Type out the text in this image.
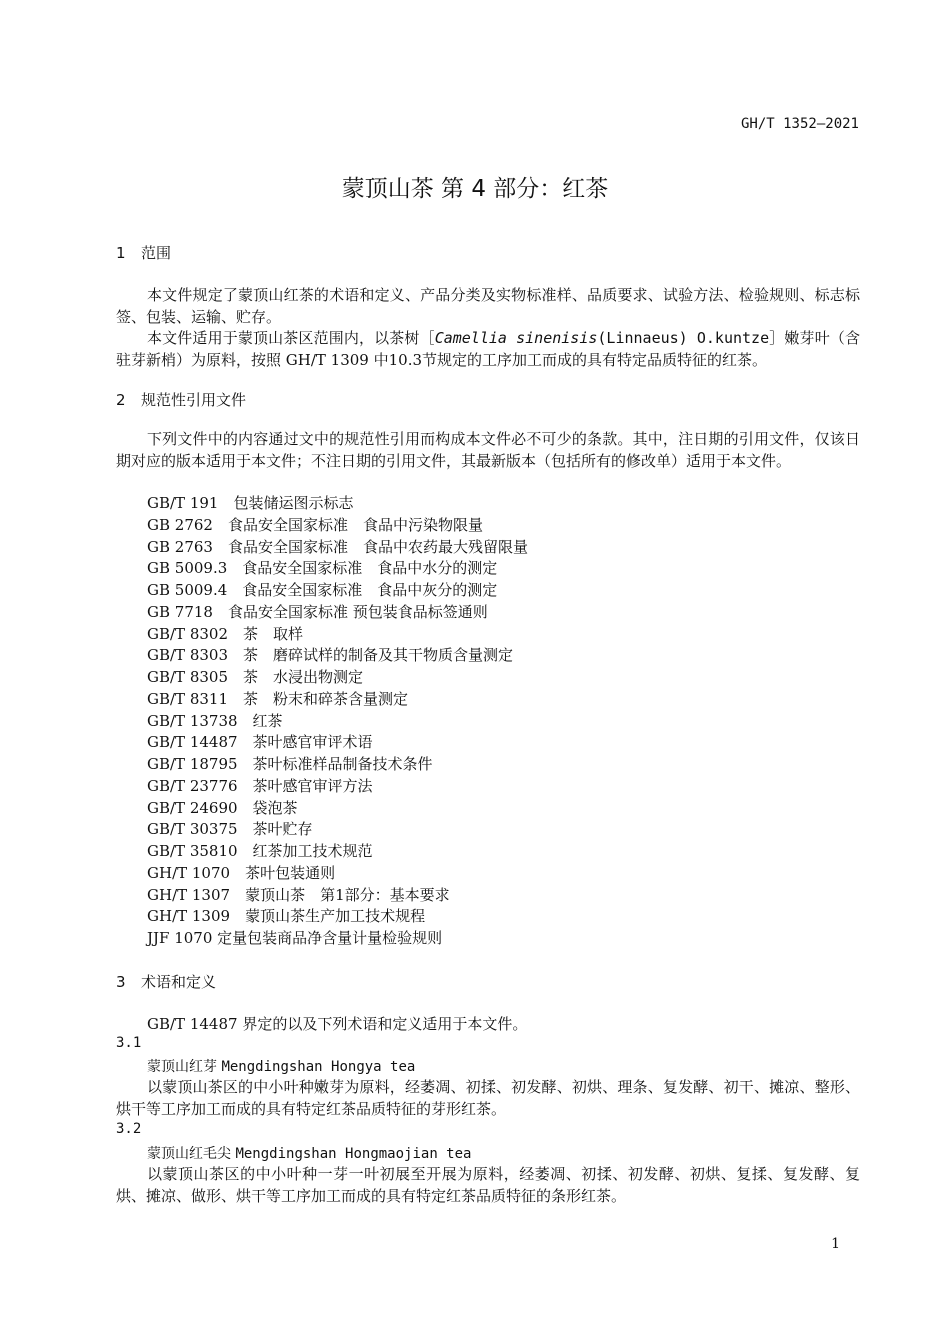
GH/T 1352—2021
蒙顶山茶 第 4 部分：红茶
1 范围
本文件规定了蒙顶山红茶的术语和定义、产品分类及实物标准样、品质要求、试验方法、检验规则、标志标签、包装、运输、贮存。
本文件适用于蒙顶山茶区范围内，以茶树［Camellia sinenisis(Linnaeus) O.kuntze］嫩芽叶（含驻芽新梢）为原料，按照 GH/T 1309 中10.3节规定的工序加工而成的具有特定品质特征的红茶。
2 规范性引用文件
下列文件中的内容通过文中的规范性引用而构成本文件必不可少的条款。其中，注日期的引用文件，仅该日期对应的版本适用于本文件；不注日期的引用文件，其最新版本（包括所有的修改单）适用于本文件。
GB/T 191　包装储运图示标志
GB 2762　食品安全国家标准　食品中污染物限量
GB 2763　食品安全国家标准　食品中农药最大残留限量
GB 5009.3　食品安全国家标准　食品中水分的测定
GB 5009.4　食品安全国家标准　食品中灰分的测定
GB 7718　食品安全国家标准 预包装食品标签通则
GB/T 8302　茶　取样
GB/T 8303　茶　磨碎试样的制备及其干物质含量测定
GB/T 8305　茶　水浸出物测定
GB/T 8311　茶　粉末和碎茶含量测定
GB/T 13738　红茶
GB/T 14487　茶叶感官审评术语
GB/T 18795　茶叶标准样品制备技术条件
GB/T 23776　茶叶感官审评方法
GB/T 24690　袋泡茶
GB/T 30375　茶叶贮存
GB/T 35810　红茶加工技术规范
GH/T 1070　茶叶包装通则
GH/T 1307　蒙顶山茶　第1部分：基本要求
GH/T 1309　蒙顶山茶生产加工技术规程
JJF 1070 定量包装商品净含量计量检验规则
3 术语和定义
GB/T 14487 界定的以及下列术语和定义适用于本文件。
3.1
蒙顶山红芽 Mengdingshan Hongya tea
以蒙顶山茶区的中小叶种嫩芽为原料，经萎凋、初揉、初发酵、初烘、理条、复发酵、初干、摊凉、整形、烘干等工序加工而成的具有特定红茶品质特征的芽形红茶。
3.2
蒙顶山红毛尖 Mengdingshan Hongmaojian tea
以蒙顶山茶区的中小叶种一芽一叶初展至开展为原料，经萎凋、初揉、初发酵、初烘、复揉、复发酵、复烘、摊凉、做形、烘干等工序加工而成的具有特定红茶品质特征的条形红茶。
1
